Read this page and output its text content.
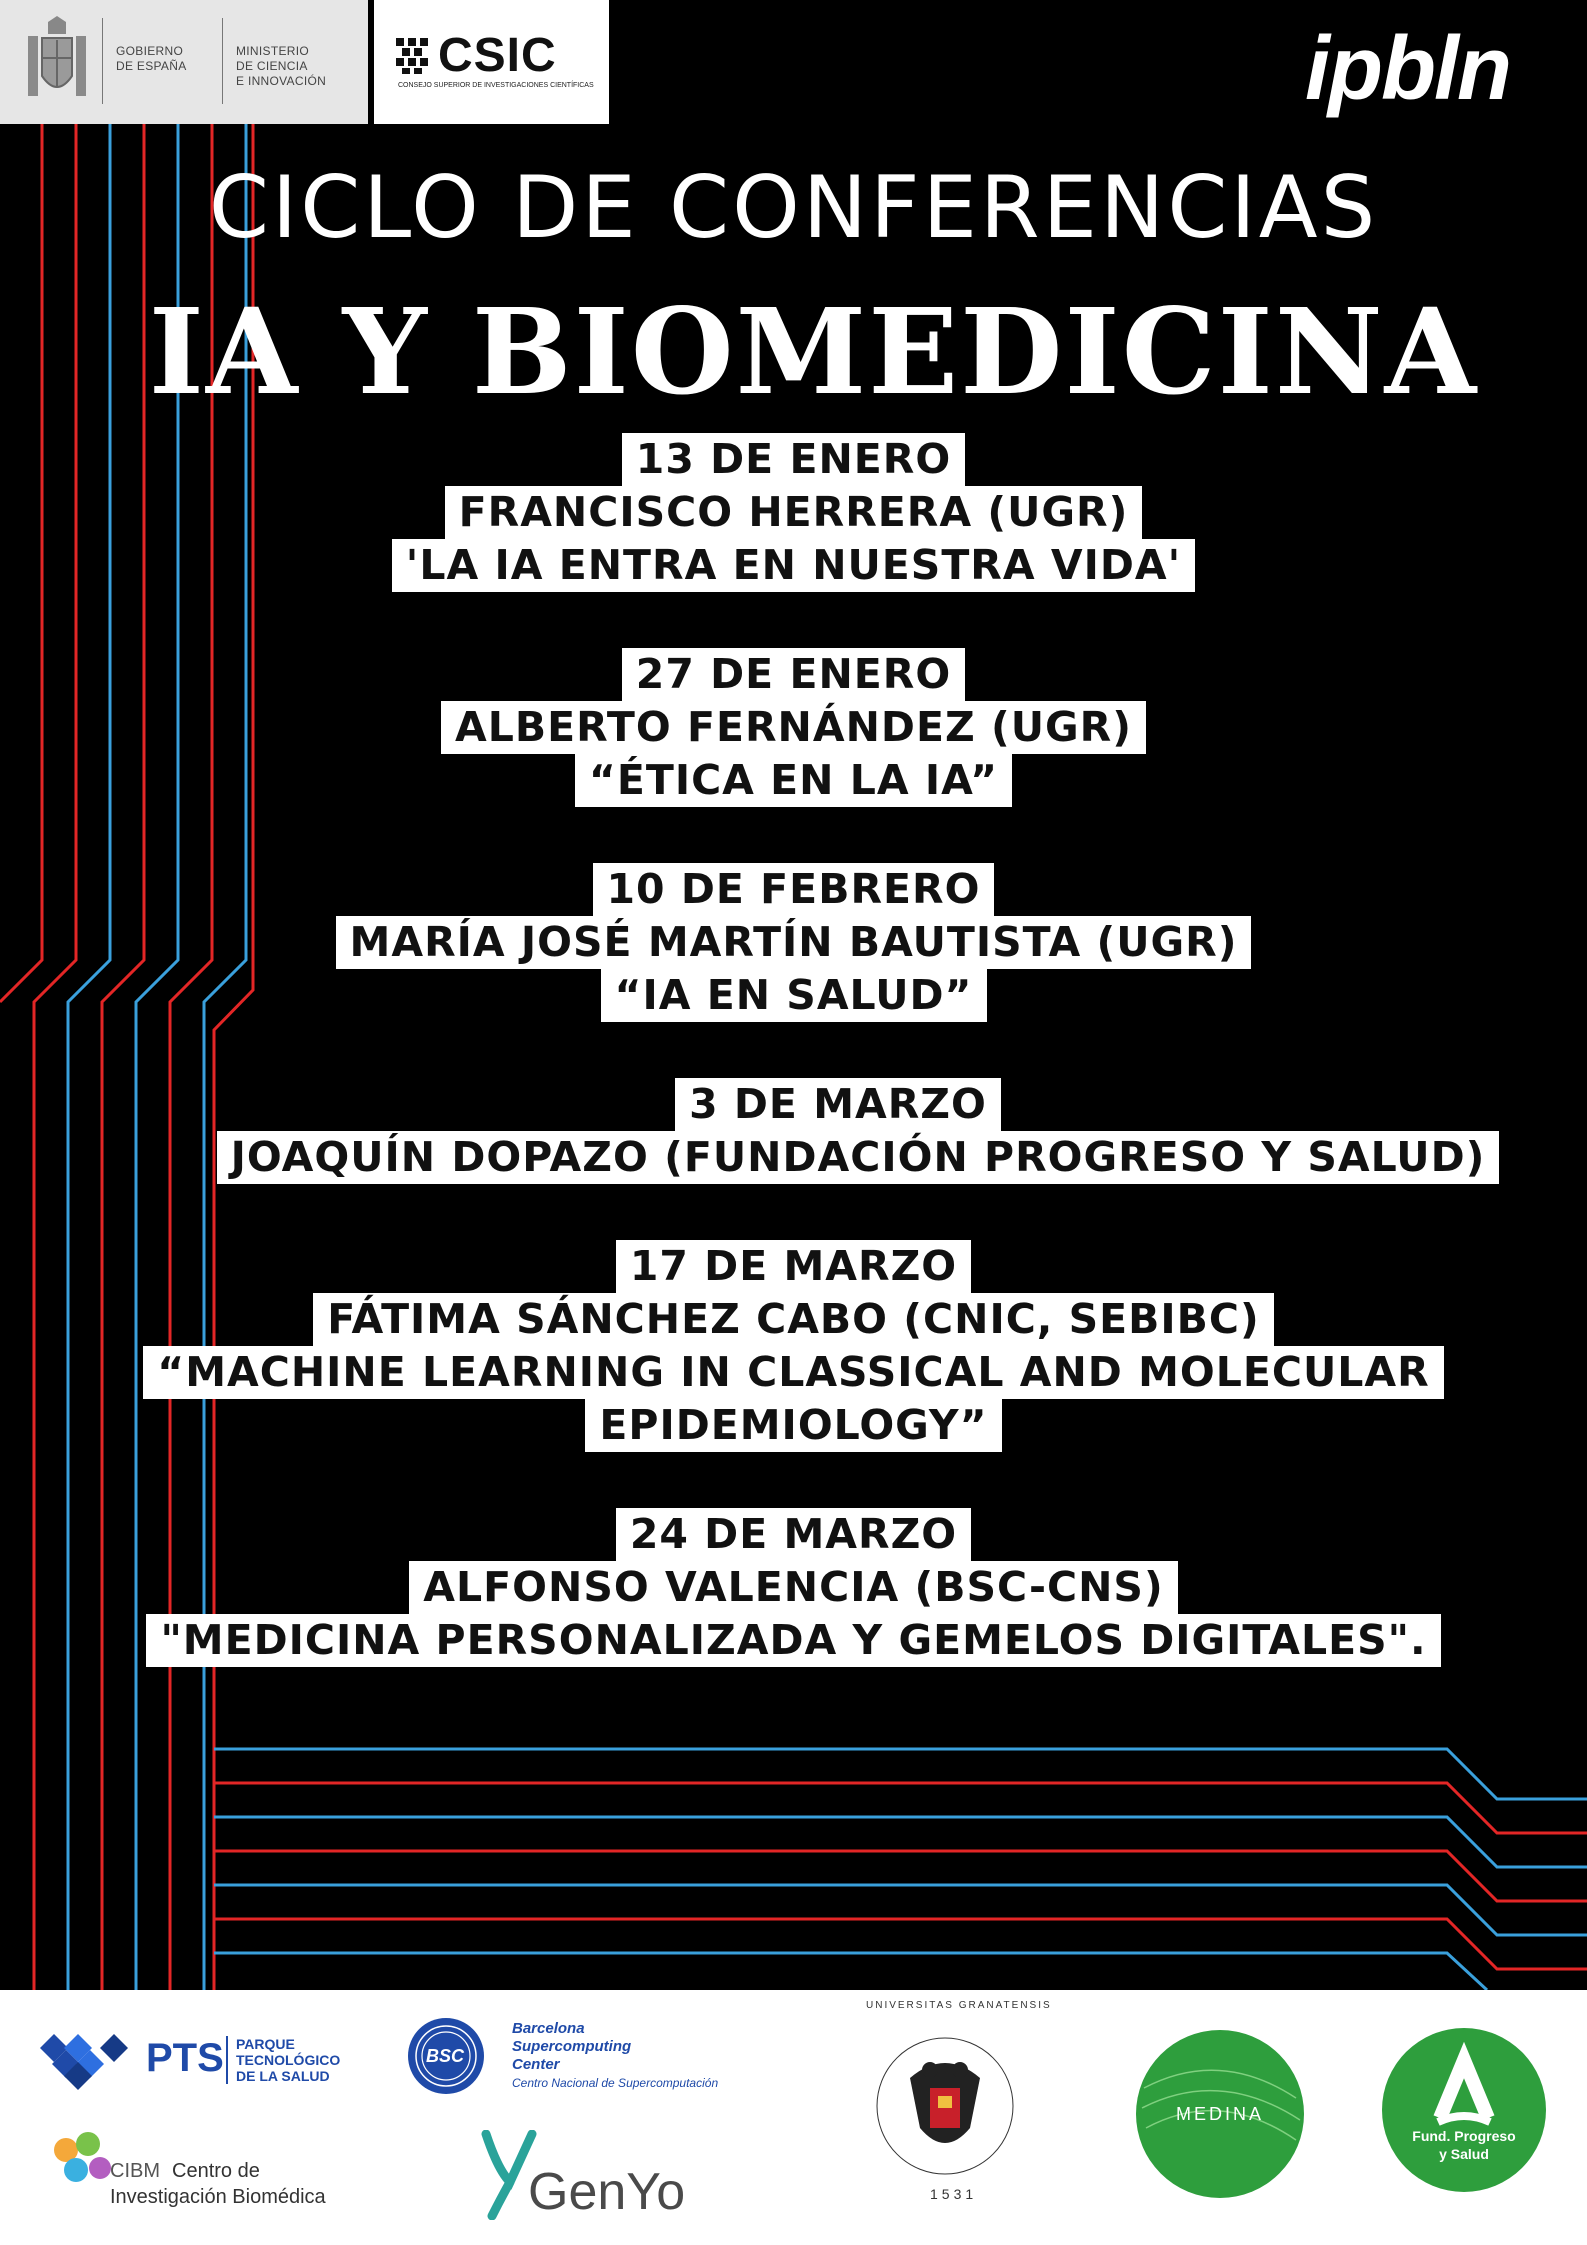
GOBIERNO
DE ESPAÑA
MINISTERIO
DE CIENCIA
E INNOVACIÓN CSIC
CONSEJO SUPERIOR DE INVESTIGACIONES CIENTÍFICAS	ipbln
CICLO DE CONFERENCIAS
IA Y BIOMEDICINA
13 DE ENERO
FRANCISCO HERRERA (UGR)
'LA IA ENTRA EN NUESTRA VIDA'
27 DE ENERO
ALBERTO FERNÁNDEZ (UGR)
“ÉTICA EN LA IA”
10 DE FEBRERO
MARÍA JOSÉ MARTÍN BAUTISTA (UGR)
“IA EN SALUD”
3 DE MARZO
JOAQUÍN DOPAZO (FUNDACIÓN PROGRESO Y SALUD)
17 DE MARZO
FÁTIMA SÁNCHEZ CABO (CNIC, SEBIBC)
“MACHINE LEARNING IN CLASSICAL AND MOLECULAR
EPIDEMIOLOGY”
24 DE MARZO
ALFONSO VALENCIA (BSC-CNS)
"MEDICINA PERSONALIZADA Y GEMELOS DIGITALES".
PTS PARQUE
TECNOLÓGICO
DE LA SALUD
CIBM Centro de
Investigación Biomédica
BSC
Barcelona
Supercomputing
Center
Centro Nacional de Supercomputación
GenYo
UNIVERSITAS GRANATENSIS
1531
MEDINA
Fund. Progreso
y Salud
